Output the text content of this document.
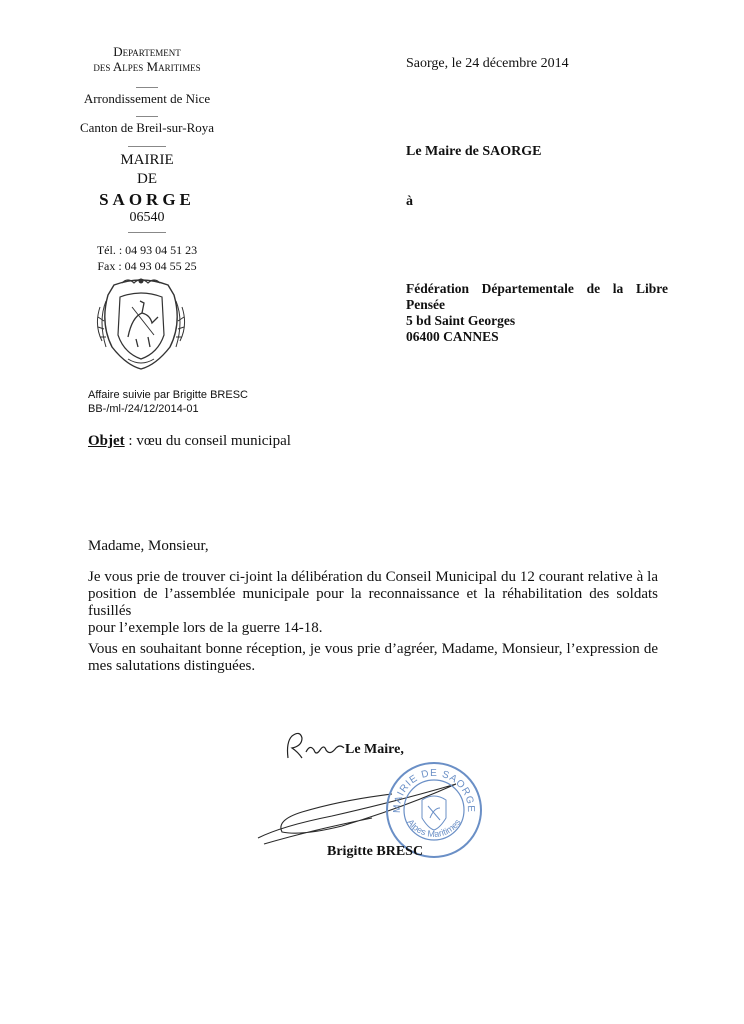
Departement
des Alpes Maritimes
Arrondissement de Nice
Canton de Breil-sur-Roya
MAIRIE
DE
SAORGE
06540
Tél. : 04 93 04 51 23
Fax : 04 93 04 55 25
Affaire suivie par Brigitte BRESC
BB-/ml-/24/12/2014-01
Saorge, le 24 décembre 2014
Le Maire de SAORGE
à
Fédération Départementale de la Libre
Pensée
5 bd Saint Georges
06400 CANNES
Objet : vœu du conseil municipal
Madame, Monsieur,
Je vous prie de trouver ci-joint la délibération du Conseil Municipal du 12 courant relative à la
position de l’assemblée municipale pour la reconnaissance et la réhabilitation des soldats fusillés
pour l’exemple lors de la guerre 14-18.
Vous en souhaitant bonne réception, je vous prie d’agréer, Madame, Monsieur, l’expression de
mes salutations distinguées.
Le Maire,
MAIRIE DE SAORGE
Alpes Maritimes
Brigitte BRESC
